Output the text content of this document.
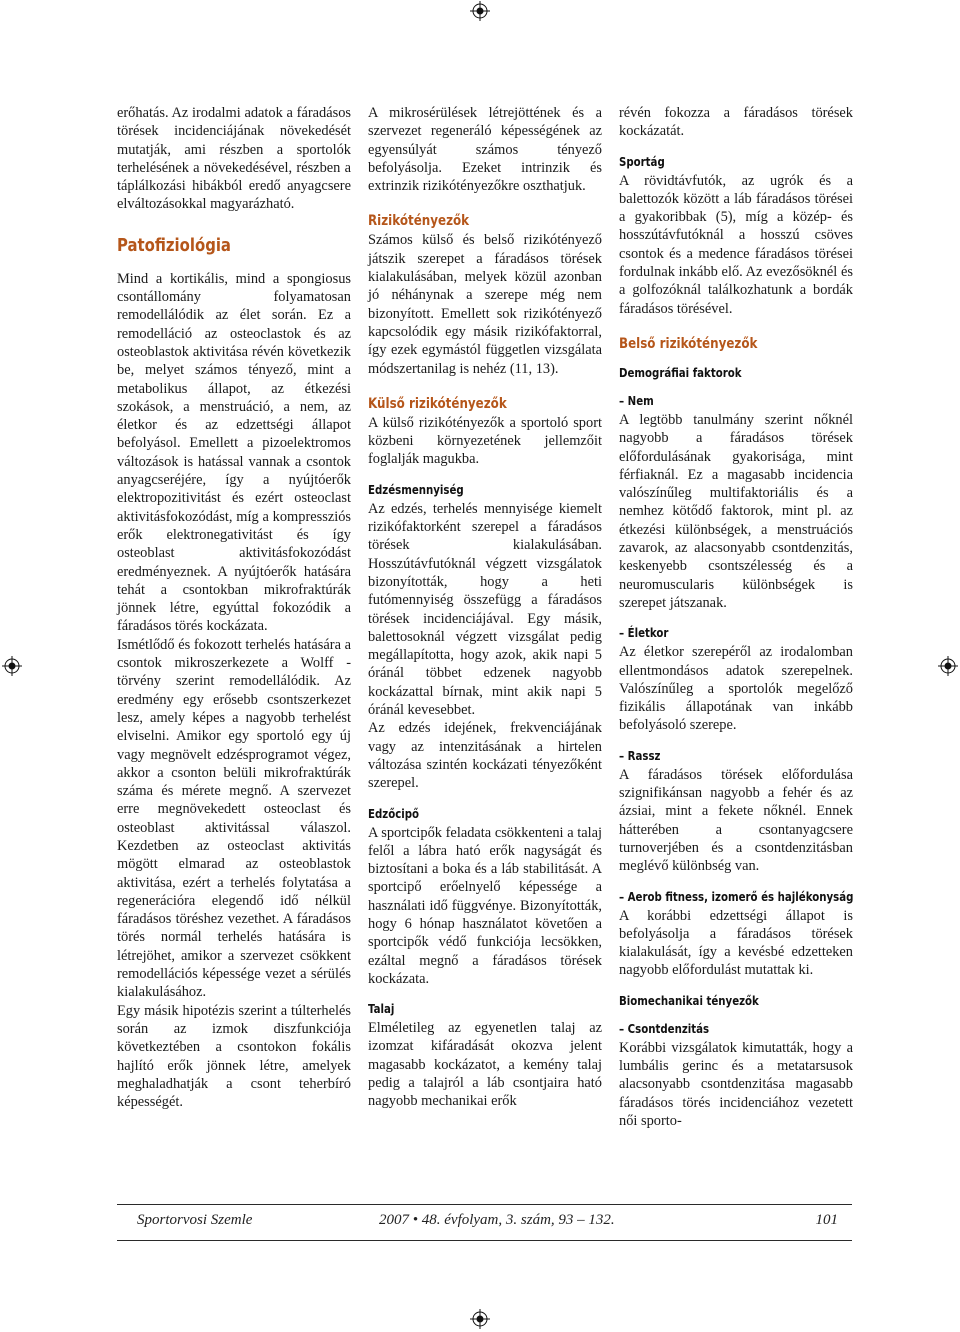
erőhatás. Az irodalmi adatok a fáradásos törések incidenciájának növekedését mutatják, ami részben a sportolók terhelésének a növekedésével, részben a táplálkozási hibákból eredő anyagcsere elváltozásokkal magyarázható.

Patofiziológia

Mind a kortikális, mind a spongiosus csontállomány folyamatosan remodellálódik az élet során. Ez a remodelláció az osteoclastok és az osteoblastok aktivitása révén következik be, melyet számos tényező, mint a metabolikus állapot, az étkezési szokások, a menstruáció, a nem, az életkor és az edzettségi állapot befolyásol. Emellett a pizoelektromos változások is hatással vannak a csontok anyagcseréjére, így a nyújtóerők elektropozitivitást és ezért osteoclast aktivitásfokozódást, míg a kompressziós erők elektronegativitást és így osteoblast aktivitásfokozódást eredményeznek. A nyújtóerők hatására tehát a csontokban mikrofraktúrák jönnek létre, egyúttal fokozódik a fáradásos törés kockázata.

Ismétlődő és fokozott terhelés hatására a csontok mikroszerkezete a Wolff -törvény szerint remodellálódik. Az eredmény egy erősebb csontszerkezet lesz, amely képes a nagyobb terhelést elviselni. Amikor egy sportoló egy új vagy megnövelt edzésprogramot végez, akkor a csonton belüli mikrofraktúrák száma és mérete megnő. A szervezet erre megnövekedett osteoclast és osteoblast aktivitással válaszol. Kezdetben az osteoclast aktivitás mögött elmarad az osteoblastok aktivitása, ezért a terhelés folytatása a regenerációra elegendő idő nélkül fáradásos töréshez vezethet. A fáradásos törés normál terhelés hatására is létrejöhet, amikor a szervezet csökkent remodellációs képessége vezet a sérülés kialakulásához.

Egy másik hipotézis szerint a túlterhelés során az izmok diszfunkciója következtében a csontokon fokális hajlító erők jönnek létre, amelyek meghaladhatják a csont teherbíró képességét.

A mikrosérülések létrejöttének és a szervezet regeneráló képességének az egyensúlyát számos tényező befolyásolja. Ezeket intrinzik és extrinzik rizikótényezőkre oszthatjuk.

Rizikótényezők

Számos külső és belső rizikótényező játszik szerepet a fáradásos törések kialakulásában, melyek közül azonban jó néhánynak a szerepe még nem bizonyított. Emellett sok rizikótényező kapcsolódik egy másik rizikófaktorral, így ezek egymástól független vizsgálata módszertanilag is nehéz (11, 13).

Külső rizikótényezők

A külső rizikótényezők a sportoló sport közbeni környezetének jellemzőit foglalják magukba.

Edzésmennyiség

Az edzés, terhelés mennyisége kiemelt rizikófaktorként szerepel a fáradásos törések kialakulásában. Hosszútávfutóknál végzett vizsgálatok bizonyították, hogy a heti futómennyiség összefügg a fáradásos törések incidenciájával. Egy másik, balettosoknál végzett vizsgálat pedig megállapította, hogy azok, akik napi 5 óránál többet edzenek nagyobb kockázattal bírnak, mint akik napi 5 óránál kevesebbet.

Az edzés idejének, frekvenciájának vagy az intenzitásának a hirtelen változása szintén kockázati tényezőként szerepel.

Edzőcipő

A sportcipők feladata csökkenteni a talaj felől a lábra ható erők nagyságát és biztosítani a boka és a láb stabilitását. A sportcipő erőelnyelő képessége a használati idő függvénye. Bizonyították, hogy 6 hónap használatot követően a sportcipők védő funkciója lecsökken, ezáltal megnő a fáradásos törések kockázata.

Talaj

Elméletileg az egyenetlen talaj az izomzat kifáradását okozva jelent magasabb kockázatot, a kemény talaj pedig a talajról a láb csontjaira ható nagyobb mechanikai erők

révén fokozza a fáradásos törések kockázatát.

Sportág

A rövidtávfutók, az ugrók és a balettozók között a láb fáradásos törései a gyakoribbak (5), míg a közép- és hosszútávfutóknál a hosszú csöves csontok és a medence fáradásos törései fordulnak inkább elő. Az evezősöknél és a golfozóknál találkozhatunk a bordák fáradásos törésével.

Belső rizikótényezők
Demográfiai faktorok
– Nem

A legtöbb tanulmány szerint nőknél nagyobb a fáradásos törések előfordulásának gyakorisága, mint férfiaknál. Ez a magasabb incidencia valószínűleg multifaktoriális és a nemhez kötődő faktorok, mint pl. az étkezési különbségek, a menstruációs zavarok, az alacsonyabb csontdenzitás, keskenyebb csontszélesség és a neuromuscularis különbségek is szerepet játszanak.

– Életkor

Az életkor szerepéről az irodalomban ellentmondásos adatok szerepelnek. Valószínűleg a sportolók megelőző fizikális állapotának van inkább befolyásoló szerepe.

– Rassz

A fáradásos törések előfordulása szignifikánsan nagyobb a fehér és az ázsiai, mint a fekete nőknél. Ennek hátterében a csontanyagcsere turnoverjében és a csontdenzitásban meglévő különbség van.

– Aerob fitness, izomerő és hajlékonyság

A korábbi edzettségi állapot is befolyásolja a fáradásos törések kialakulását, így a kevésbé edzetteken nagyobb előfordulást mutattak ki.

Biomechanikai tényezők
– Csontdenzitás

Korábbi vizsgálatok kimutatták, hogy a lumbális gerinc és a metatarsusok alacsonyabb csontdenzitása magasabb fáradásos törés incidenciához vezetett női sporto-

Sportorvosi Szemle	2007 • 48. évfolyam, 3. szám, 93 ‒ 132.	101
